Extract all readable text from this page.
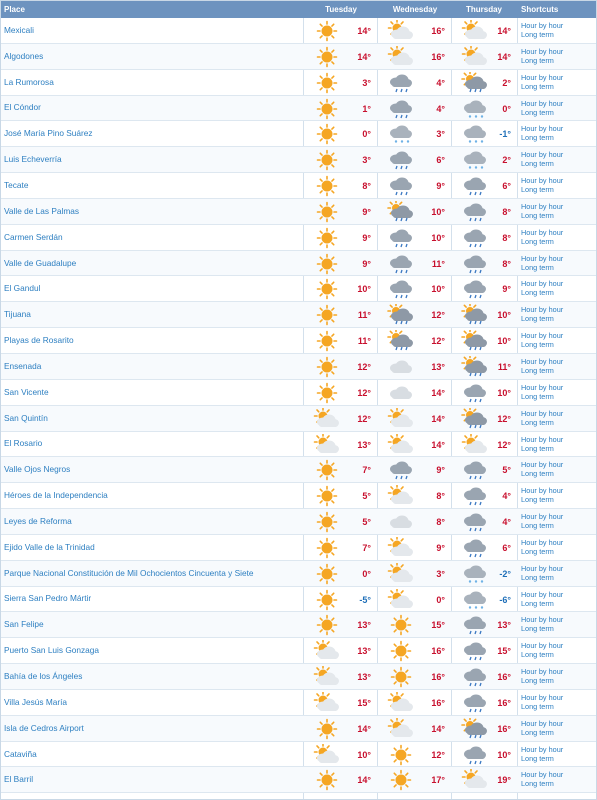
Place	Tuesday	Wednesday	Thursday	Shortcuts
Mexicali	14°	16°	14°
Hour by hour
Long term
Algodones	14°	16°	14°
Hour by hour
Long term
La Rumorosa	3°	4°	2°
Hour by hour
Long term
El Cóndor	1°	4°	0°
Hour by hour
Long term
José María Pino Suárez	0°	3°	-1°
Hour by hour
Long term
Luis Echeverría	3°	6°	2°
Hour by hour
Long term
Tecate	8°	9°	6°
Hour by hour
Long term
Valle de Las Palmas	9°	10°	8°
Hour by hour
Long term
Carmen Serdán	9°	10°	8°
Hour by hour
Long term
Valle de Guadalupe	9°	11°	8°
Hour by hour
Long term
El Gandul	10°	10°	9°
Hour by hour
Long term
Tijuana	11°	12°	10°
Hour by hour
Long term
Playas de Rosarito	11°	12°	10°
Hour by hour
Long term
Ensenada	12°	13°	11°
Hour by hour
Long term
San Vicente	12°	14°	10°
Hour by hour
Long term
San Quintín	12°	14°	12°
Hour by hour
Long term
El Rosario	13°	14°	12°
Hour by hour
Long term
Valle Ojos Negros	7°	9°	5°
Hour by hour
Long term
Héroes de la Independencia	5°	8°	4°
Hour by hour
Long term
Leyes de Reforma	5°	8°	4°
Hour by hour
Long term
Ejido Valle de la Trinidad	7°	9°	6°
Hour by hour
Long term
Parque Nacional Constitución de Mil Ochocientos Cincuenta y Siete	0°	3°	-2°
Hour by hour
Long term
Sierra San Pedro Mártir	-5°	0°	-6°
Hour by hour
Long term
San Felipe	13°	15°	13°
Hour by hour
Long term
Puerto San Luis Gonzaga	13°	16°	15°
Hour by hour
Long term
Bahía de los Ángeles	13°	16°	16°
Hour by hour
Long term
Villa Jesús María	15°	16°	16°
Hour by hour
Long term
Isla de Cedros Airport	14°	14°	16°
Hour by hour
Long term
Cataviña	10°	12°	10°
Hour by hour
Long term
El Barril	14°	17°	19°
Hour by hour
Long term
